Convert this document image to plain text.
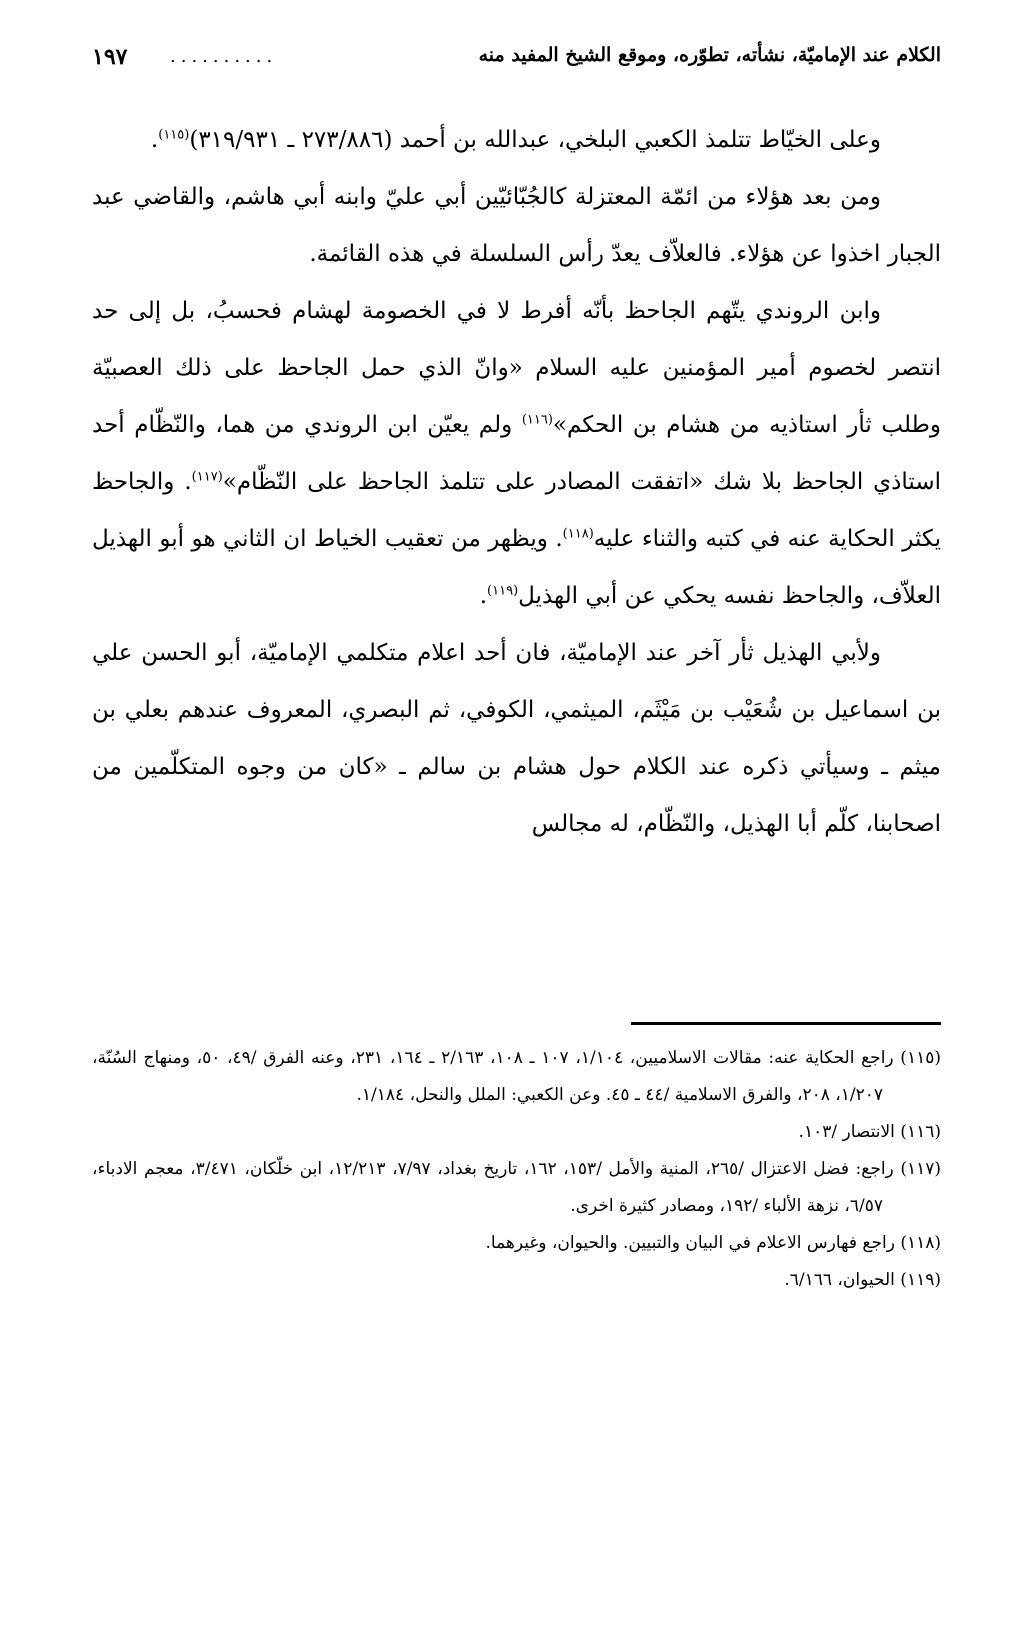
الكلام عند الإماميّة، نشأته، تطوّره، وموقع الشيخ المفيد منه
..........
١٩٧

وعلى الخيّاط تتلمذ الكعبي البلخي، عبدالله بن أحمد (٢٧٣/٨٨٦ ـ ٣١٩/٩٣١)$^{(١١٥)}$.

ومن بعد هؤلاء من ائمّة المعتزلة كالجُبّائيّين أبي عليّ وابنه أبي هاشم، والقاضي عبد الجبار اخذوا عن هؤلاء. فالعلاّف يعدّ رأس السلسلة في هذه القائمة.

وابن الروندي يتّهم الجاحظ بأنّه أفرط لا في الخصومة لهشام فحسبُ، بل إلى حد انتصر لخصوم أمير المؤمنين عليه السلام «وانّ الذي حمل الجاحظ على ذلك العصبيّة وطلب ثأر استاذيه من هشام بن الحكم»$^{(١١٦)}$ ولم يعيّن ابن الروندي من هما، والنّظّام أحد استاذي الجاحظ بلا شك «اتفقت المصادر على تتلمذ الجاحظ على النّظّام»$^{(١١٧)}$. والجاحظ يكثر الحكاية عنه في كتبه والثناء عليه$^{(١١٨)}$. ويظهر من تعقيب الخياط ان الثاني هو أبو الهذيل العلاّف، والجاحظ نفسه يحكي عن أبي الهذيل$^{(١١٩)}$.

ولأبي الهذيل ثأر آخر عند الإماميّة، فان أحد اعلام متكلمي الإماميّة، أبو الحسن علي بن اسماعيل بن شُعَيْب بن مَيْثَم، الميثمي، الكوفي، ثم البصري، المعروف عندهم بعلي بن ميثم ـ وسيأتي ذكره عند الكلام حول هشام بن سالم ـ «كان من وجوه المتكلّمين من اصحابنا، كلّم أبا الهذيل، والنّظّام، له مجالس

(١١٥) راجع الحكاية عنه: مقالات الاسلاميين، ١/١٠٤، ١٠٧ ـ ١٠٨، ٢/١٦٣ ـ ١٦٤، ٢٣١، وعنه الفرق /٤٩، ٥٠، ومنهاج السُنّة، ١/٢٠٧، ٢٠٨، والفرق الاسلامية /٤٤ ـ ٤٥. وعن الكعبي: الملل والنحل، ١/١٨٤.

(١١٦) الانتصار /١٠٣.

(١١٧) راجع: فضل الاعتزال /٢٦٥، المنية والأمل /١٥٣، ١٦٢، تاريخ بغداد، ٧/٩٧، ١٢/٢١٣، ابن خلّكان، ٣/٤٧١، معجم الادباء، ٦/٥٧، نزهة الألباء /١٩٢، ومصادر كثيرة اخرى.

(١١٨) راجع فهارس الاعلام في البيان والتبيين. والحيوان، وغيرهما.

(١١٩) الحيوان، ٦/١٦٦.
